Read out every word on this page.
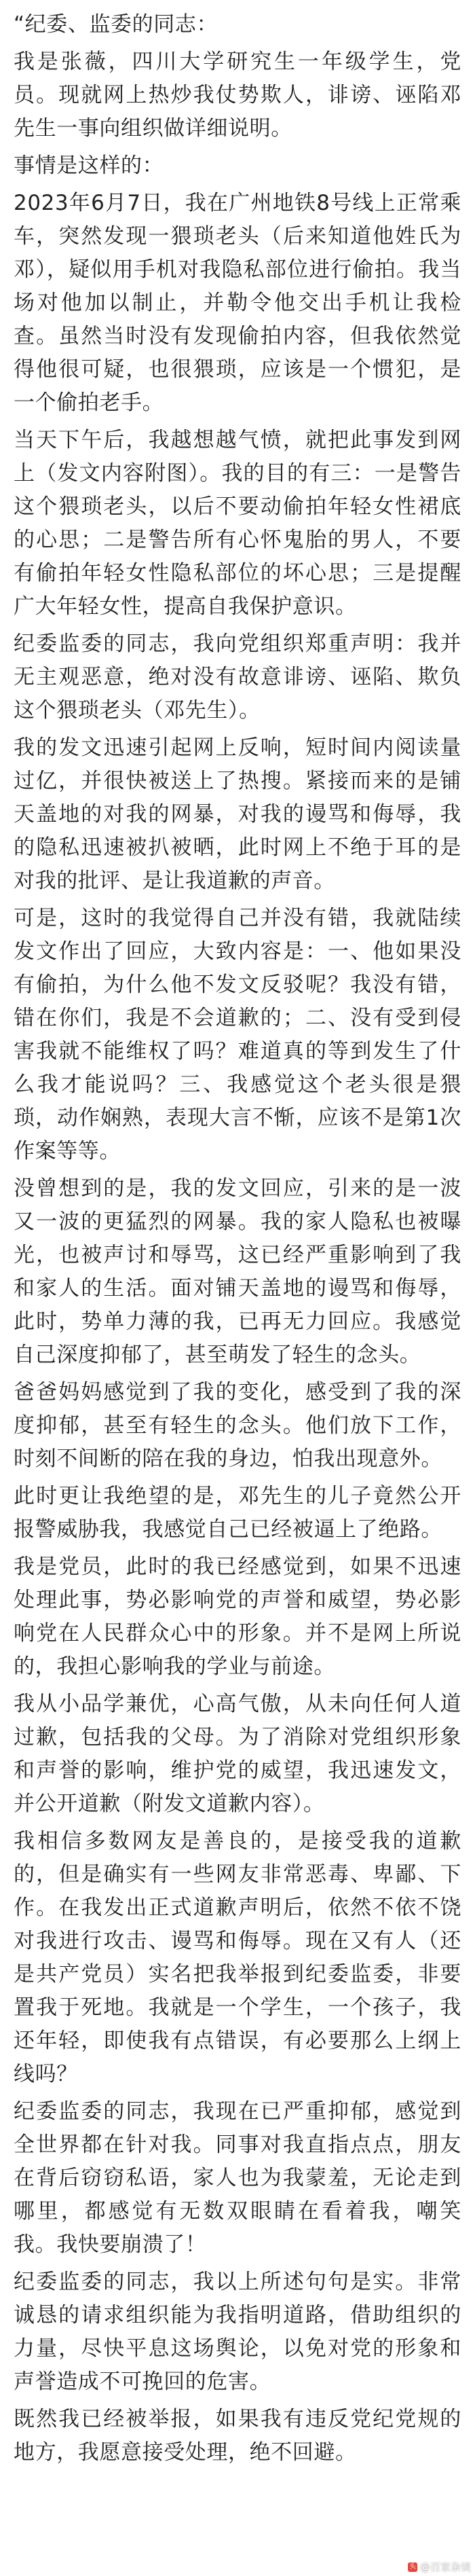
“纪委、监委的同志：

我是张薇，四川大学研究生一年级学生，党员。现就网上热炒我仗势欺人，诽谤、诬陷邓先生一事向组织做详细说明。

事情是这样的：

2023年6月7日，我在广州地铁8号线上正常乘车，突然发现一猥琐老头（后来知道他姓氏为邓），疑似用手机对我隐私部位进行偷拍。我当场对他加以制止，并勒令他交出手机让我检查。虽然当时没有发现偷拍内容，但我依然觉得他很可疑，也很猥琐，应该是一个惯犯，是一个偷拍老手。

当天下午后，我越想越气愤，就把此事发到网上（发文内容附图）。我的目的有三：一是警告这个猥琐老头，以后不要动偷拍年轻女性裙底的心思；二是警告所有心怀鬼胎的男人，不要有偷拍年轻女性隐私部位的坏心思；三是提醒广大年轻女性，提高自我保护意识。

纪委监委的同志，我向党组织郑重声明：我并无主观恶意，绝对没有故意诽谤、诬陷、欺负这个猥琐老头（邓先生）。

我的发文迅速引起网上反响，短时间内阅读量过亿，并很快被送上了热搜。紧接而来的是铺天盖地的对我的网暴，对我的谩骂和侮辱，我的隐私迅速被扒被晒，此时网上不绝于耳的是对我的批评、是让我道歉的声音。

可是，这时的我觉得自己并没有错，我就陆续发文作出了回应，大致内容是：一、他如果没有偷拍，为什么他不发文反驳呢？我没有错，错在你们，我是不会道歉的；二、没有受到侵害我就不能维权了吗？难道真的等到发生了什么我才能说吗？三、我感觉这个老头很是猥琐，动作娴熟，表现大言不惭，应该不是第1次作案等等。

没曾想到的是，我的发文回应，引来的是一波又一波的更猛烈的网暴。我的家人隐私也被曝光，也被声讨和辱骂，这已经严重影响到了我和家人的生活。面对铺天盖地的谩骂和侮辱，此时，势单力薄的我，已再无力回应。我感觉自己深度抑郁了，甚至萌发了轻生的念头。

爸爸妈妈感觉到了我的变化，感受到了我的深度抑郁，甚至有轻生的念头。他们放下工作，时刻不间断的陪在我的身边，怕我出现意外。

此时更让我绝望的是，邓先生的儿子竟然公开报警威胁我，我感觉自己已经被逼上了绝路。

我是党员，此时的我已经感觉到，如果不迅速处理此事，势必影响党的声誉和威望，势必影响党在人民群众心中的形象。并不是网上所说的，我担心影响我的学业与前途。

我从小品学兼优，心高气傲，从未向任何人道过歉，包括我的父母。为了消除对党组织形象和声誉的影响，维护党的威望，我迅速发文，并公开道歉（附发文道歉内容）。

我相信多数网友是善良的，是接受我的道歉的，但是确实有一些网友非常恶毒、卑鄙、下作。在我发出正式道歉声明后，依然不依不饶对我进行攻击、谩骂和侮辱。现在又有人（还是共产党员）实名把我举报到纪委监委，非要置我于死地。我就是一个学生，一个孩子，我还年轻，即使我有点错误，有必要那么上纲上线吗？

纪委监委的同志，我现在已严重抑郁，感觉到全世界都在针对我。同事对我直指点点，朋友在背后窃窃私语，家人也为我蒙羞，无论走到哪里，都感觉有无数双眼睛在看着我，嘲笑我。我快要崩溃了！

纪委监委的同志，我以上所述句句是实。非常诚恳的请求组织能为我指明道路，借助组织的力量，尽快平息这场舆论，以免对党的形象和声誉造成不可挽回的危害。

既然我已经被举报，如果我有违反党纪党规的地方，我愿意接受处理，绝不回避。

头 @百家杂谈
